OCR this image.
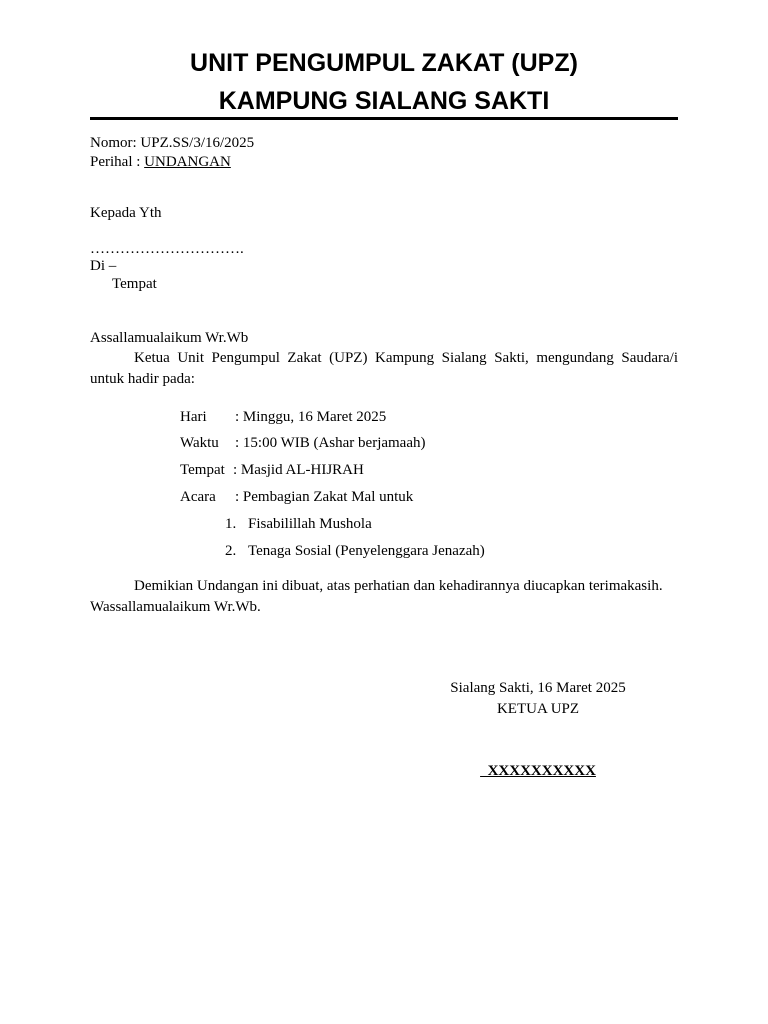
UNIT PENGUMPUL ZAKAT (UPZ)
KAMPUNG SIALANG SAKTI
Nomor: UPZ.SS/3/16/2025
Perihal : UNDANGAN
Kepada Yth
………………………….
Di –
Tempat
Assallamualaikum Wr.Wb
Ketua Unit Pengumpul Zakat (UPZ) Kampung Sialang Sakti, mengundang Saudara/i untuk hadir pada:
Hari : Minggu, 16 Maret 2025
Waktu : 15:00 WIB (Ashar berjamaah)
Tempat : Masjid AL-HIJRAH
Acara : Pembagian Zakat Mal untuk
1. Fisabilillah Mushola
2. Tenaga Sosial (Penyelenggara Jenazah)
Demikian Undangan ini dibuat, atas perhatian dan kehadirannya diucapkan terimakasih.
Wassallamualaikum Wr.Wb.
Sialang Sakti, 16 Maret 2025
KETUA UPZ
XXXXXXXXXX
